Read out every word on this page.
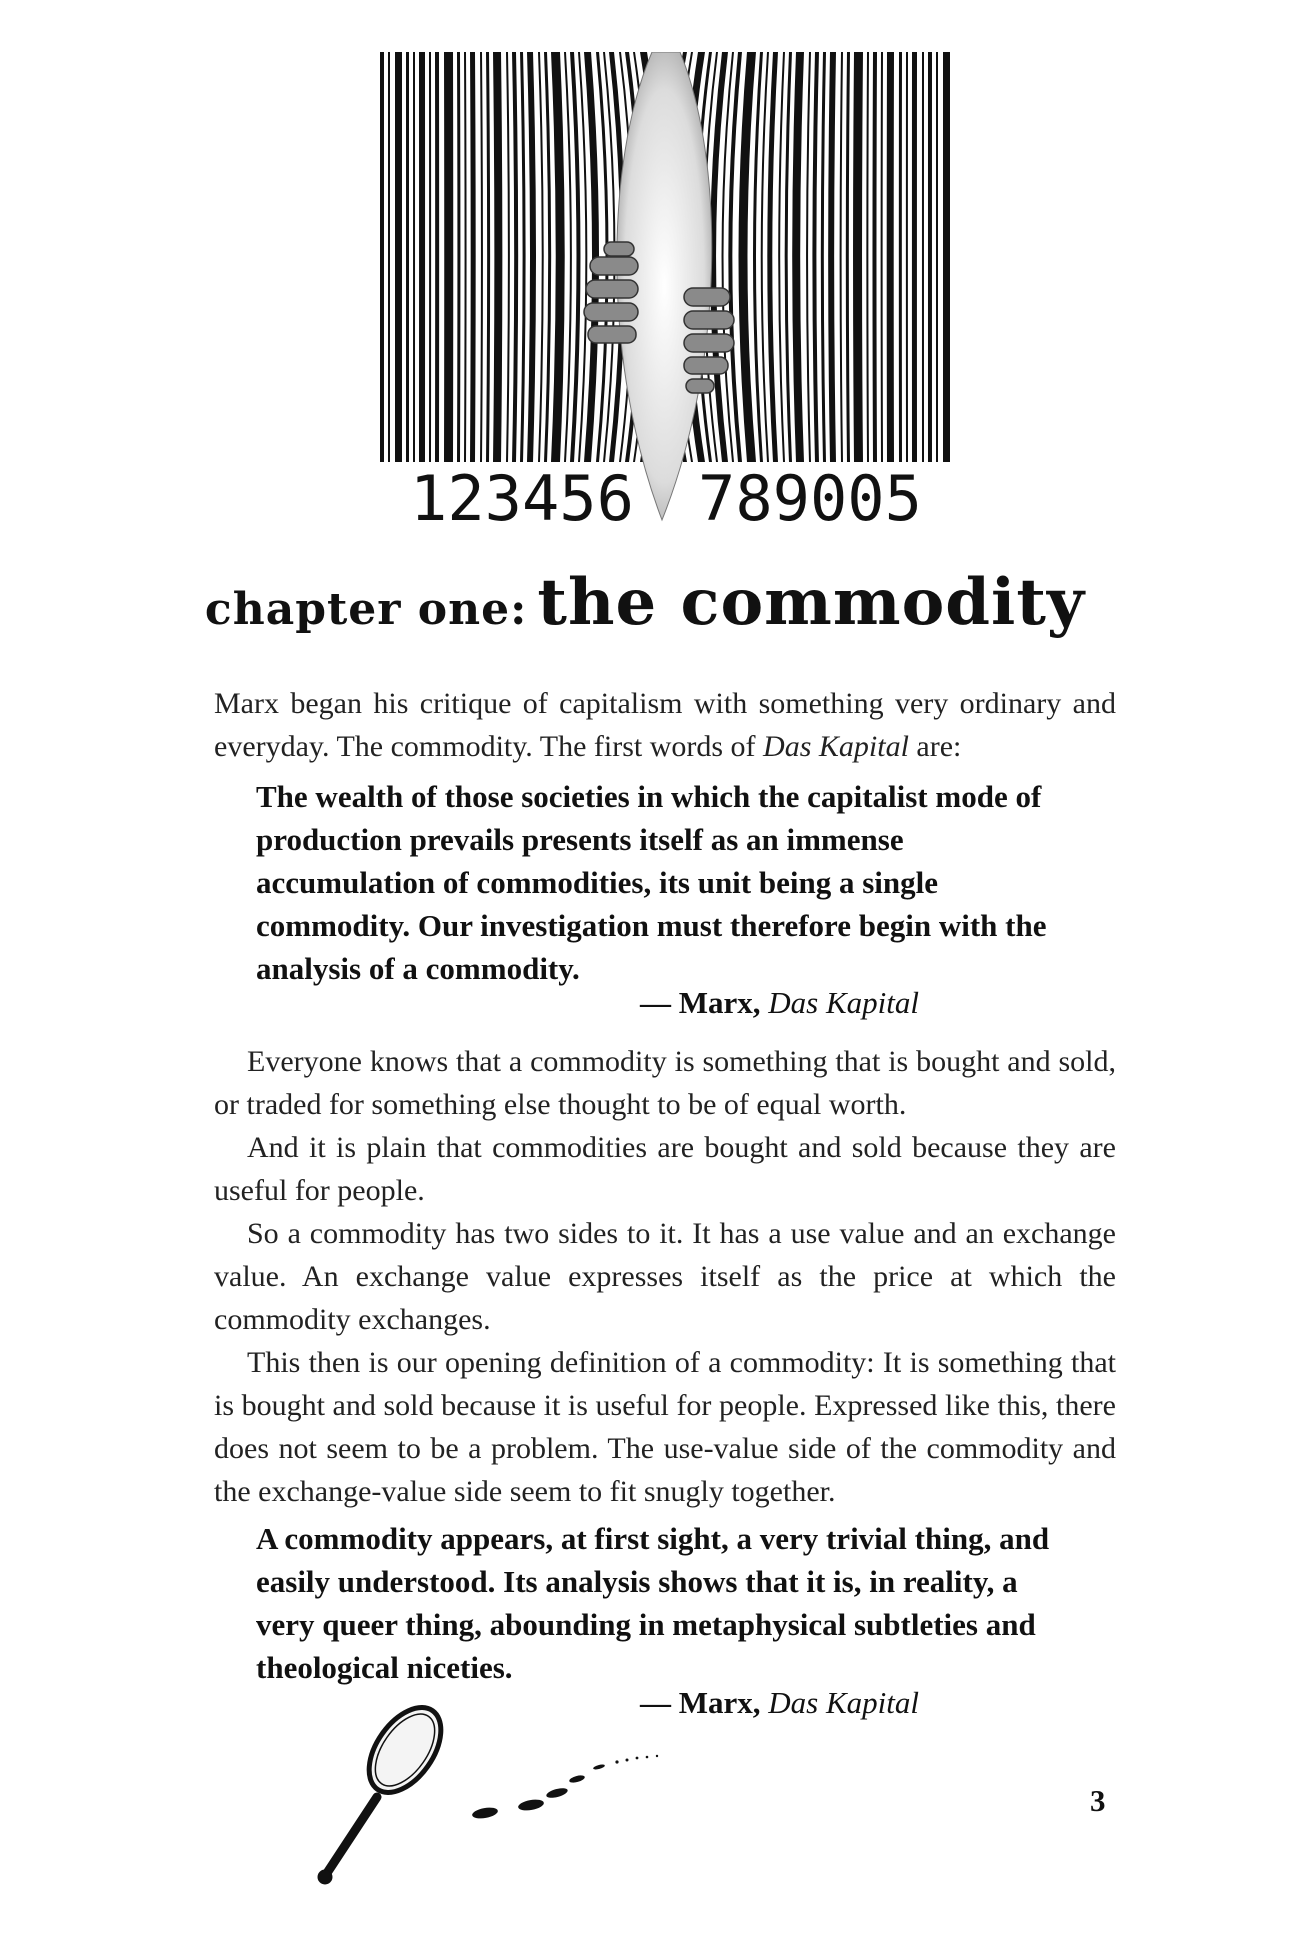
123456 789005
chapter one: the commodity

Marx began his critique of capitalism with something very ordinary and everyday. The commodity. The first words of Das Kapital are:

The wealth of those societies in which the capitalist mode of production prevails presents itself as an immense accumulation of commodities, its unit being a single commodity. Our investigation must therefore begin with the analysis of a commodity.
— Marx, Das Kapital

Everyone knows that a commodity is something that is bought and sold, or traded for something else thought to be of equal worth.

And it is plain that commodities are bought and sold because they are useful for people.

So a commodity has two sides to it. It has a use value and an exchange value. An exchange value expresses itself as the price at which the commodity exchanges.

This then is our opening definition of a commodity: It is something that is bought and sold because it is useful for people. Expressed like this, there does not seem to be a problem. The use-value side of the commodity and the exchange-value side seem to fit snugly together.

A commodity appears, at first sight, a very trivial thing, and easily understood. Its analysis shows that it is, in reality, a very queer thing, abounding in metaphysical subtleties and theological niceties.
— Marx, Das Kapital
3
